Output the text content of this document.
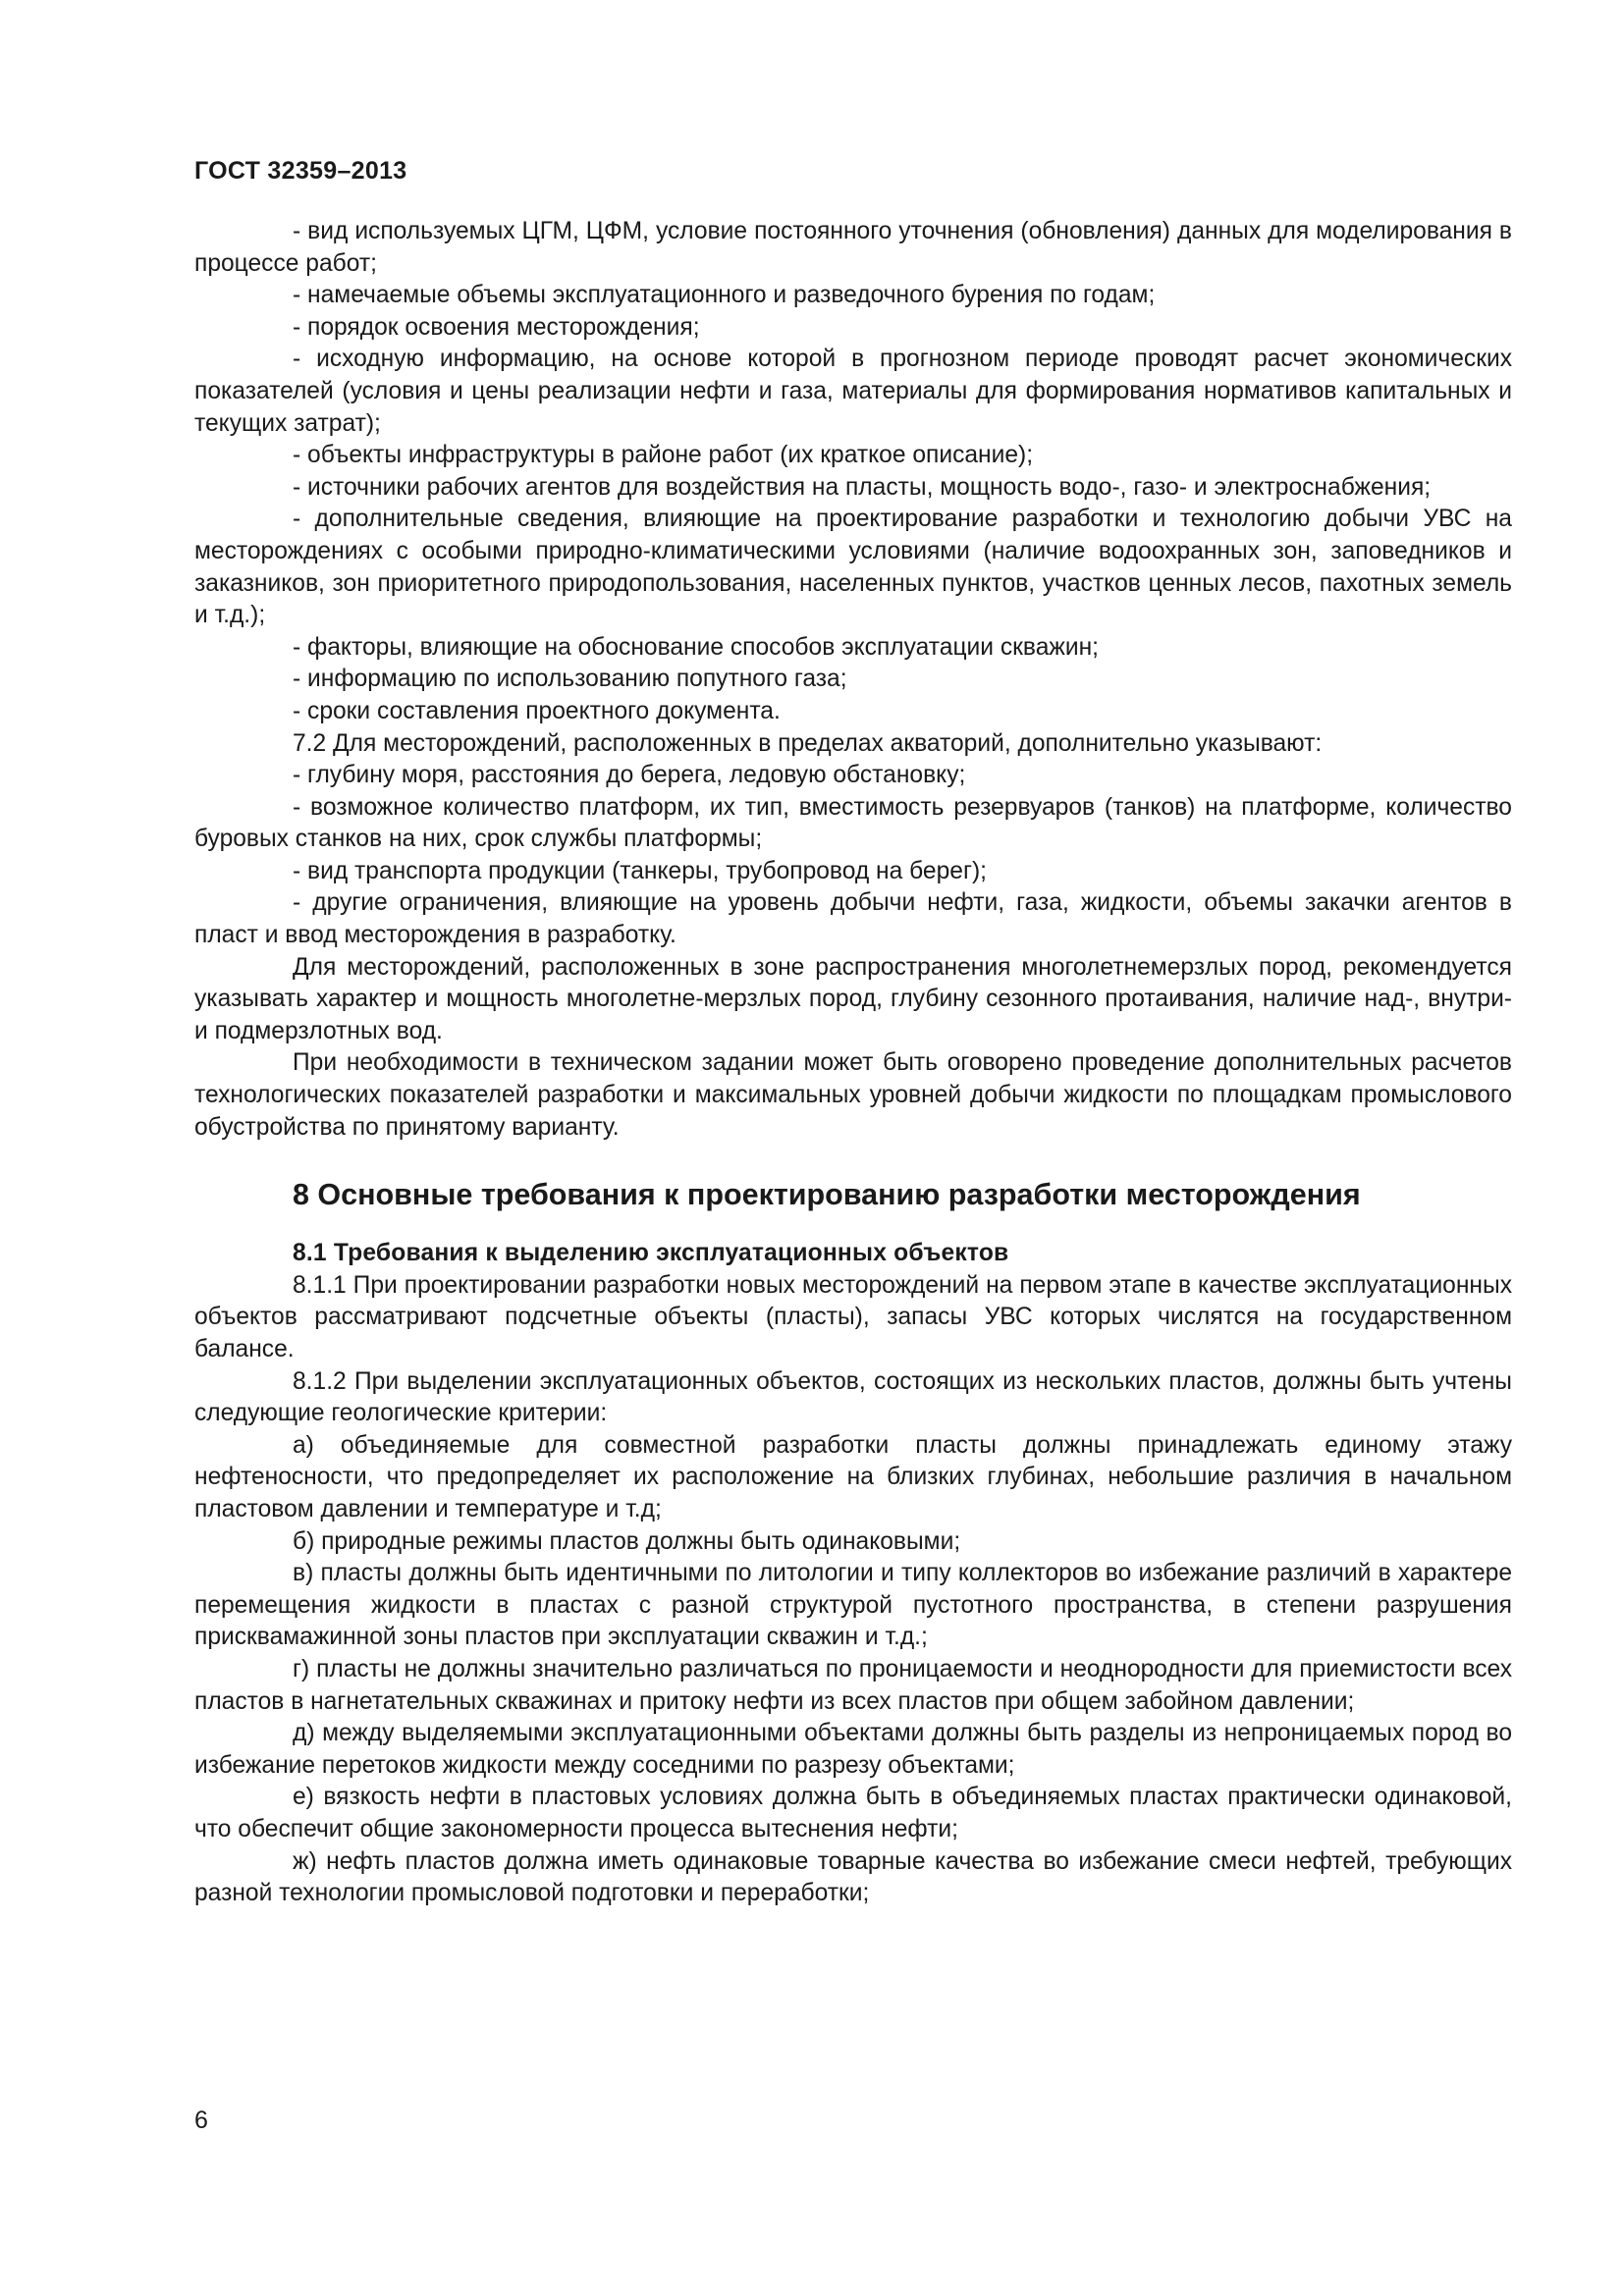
ГОСТ 32359–2013

- вид используемых ЦГМ, ЦФМ, условие постоянного уточнения (обновления) данных для моделирования в процессе работ;

- намечаемые объемы эксплуатационного и разведочного бурения по годам;

- порядок освоения месторождения;

- исходную информацию, на основе которой в прогнозном периоде проводят расчет экономических показателей (условия и цены реализации нефти и газа, материалы для формирования нормативов капитальных и текущих затрат);

- объекты инфраструктуры в районе работ (их краткое описание);

- источники рабочих агентов для воздействия на пласты, мощность водо-, газо- и электроснабжения;

- дополнительные сведения, влияющие на проектирование разработки и технологию добычи УВС на месторождениях с особыми природно-климатическими условиями (наличие водоохранных зон, заповедников и заказников, зон приоритетного природопользования, населенных пунктов, участков ценных лесов, пахотных земель и т.д.);

- факторы, влияющие на обоснование способов эксплуатации скважин;

- информацию по использованию попутного газа;

- сроки составления проектного документа.

7.2 Для месторождений, расположенных в пределах акваторий, дополнительно указывают:

- глубину моря, расстояния до берега, ледовую обстановку;

- возможное количество платформ, их тип, вместимость резервуаров (танков) на платформе, количество буровых станков на них, срок службы платформы;

- вид транспорта продукции (танкеры, трубопровод на берег);

- другие ограничения, влияющие на уровень добычи нефти, газа, жидкости, объемы закачки агентов в пласт и ввод месторождения в разработку.

Для месторождений, расположенных в зоне распространения многолетнемерзлых пород, рекомендуется указывать характер и мощность многолетне-мерзлых пород, глубину сезонного протаивания, наличие над-, внутри- и подмерзлотных вод.

При необходимости в техническом задании может быть оговорено проведение дополнительных расчетов технологических показателей разработки и максимальных уровней добычи жидкости по площадкам промыслового обустройства по принятому варианту.

8 Основные требования к проектированию разработки месторождения
8.1 Требования к выделению эксплуатационных объектов

8.1.1 При проектировании разработки новых месторождений на первом этапе в качестве эксплуатационных объектов рассматривают подсчетные объекты (пласты), запасы УВС которых числятся на государственном балансе.

8.1.2 При выделении эксплуатационных объектов, состоящих из нескольких пластов, должны быть учтены следующие геологические критерии:

а) объединяемые для совместной разработки пласты должны принадлежать единому этажу нефтеносности, что предопределяет их расположение на близких глубинах, небольшие различия в начальном пластовом давлении и температуре и т.д;

б) природные режимы пластов должны быть одинаковыми;

в) пласты должны быть идентичными по литологии и типу коллекторов во избежание различий в характере перемещения жидкости в пластах с разной структурой пустотного пространства, в степени разрушения присквамажинной зоны пластов при эксплуатации скважин и т.д.;

г) пласты не должны значительно различаться по проницаемости и неоднородности для приемистости всех пластов в нагнетательных скважинах и притоку нефти из всех пластов при общем забойном давлении;

д) между выделяемыми эксплуатационными объектами должны быть разделы из непроницаемых пород во избежание перетоков жидкости между соседними по разрезу объектами;

е) вязкость нефти в пластовых условиях должна быть в объединяемых пластах практически одинаковой, что обеспечит общие закономерности процесса вытеснения нефти;

ж) нефть пластов должна иметь одинаковые товарные качества во избежание смеси нефтей, требующих разной технологии промысловой подготовки и переработки;

6
